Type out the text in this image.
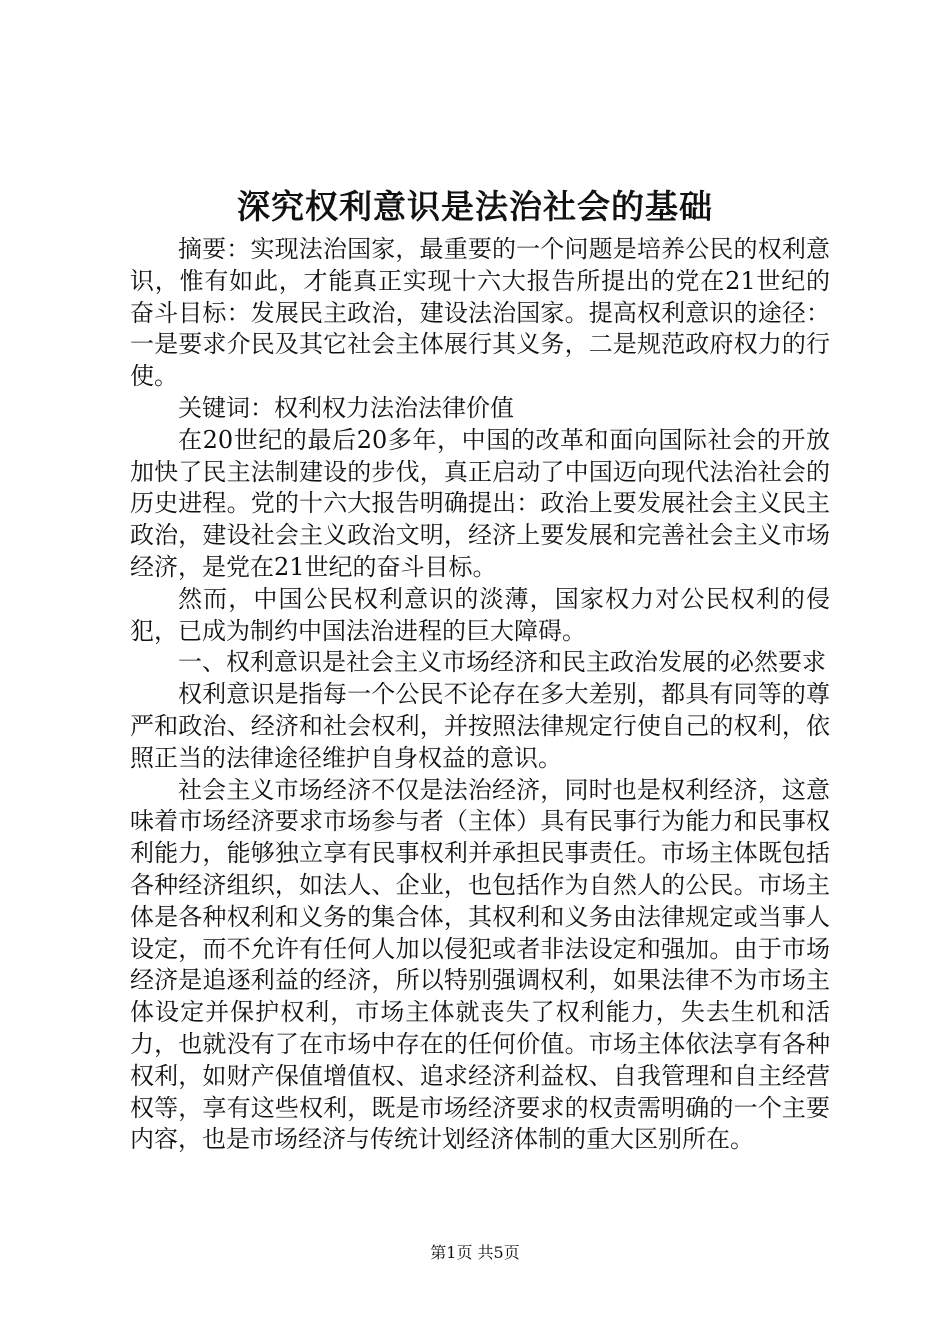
深究权利意识是法治社会的基础

摘要：实现法治国家，最重要的一个问题是培养公民的权利意识，惟有如此，才能真正实现十六大报告所提出的党在21世纪的奋斗目标：发展民主政治，建设法治国家。提高权利意识的途径：一是要求介民及其它社会主体展行其义务，二是规范政府权力的行使。

关键词：权利权力法治法律价值

在20世纪的最后20多年，中国的改革和面向国际社会的开放加快了民主法制建设的步伐，真正启动了中国迈向现代法治社会的历史进程。党的十六大报告明确提出：政治上要发展社会主义民主政治，建设社会主义政治文明，经济上要发展和完善社会主义市场经济，是党在21世纪的奋斗目标。

然而，中国公民权利意识的淡薄，国家权力对公民权利的侵犯，已成为制约中国法治进程的巨大障碍。

一、权利意识是社会主义市场经济和民主政治发展的必然要求

权利意识是指每一个公民不论存在多大差别，都具有同等的尊严和政治、经济和社会权利，并按照法律规定行使自己的权利，依照正当的法律途径维护自身权益的意识。

社会主义市场经济不仅是法治经济，同时也是权利经济，这意味着市场经济要求市场参与者（主体）具有民事行为能力和民事权利能力，能够独立享有民事权利并承担民事责任。市场主体既包括各种经济组织，如法人、企业，也包括作为自然人的公民。市场主体是各种权利和义务的集合体，其权利和义务由法律规定或当事人设定，而不允许有任何人加以侵犯或者非法设定和强加。由于市场经济是追逐利益的经济，所以特别强调权利，如果法律不为市场主体设定并保护权利，市场主体就丧失了权利能力，失去生机和活力，也就没有了在市场中存在的任何价值。市场主体依法享有各种权利，如财产保值增值权、追求经济利益权、自我管理和自主经营权等，享有这些权利，既是市场经济要求的权责需明确的一个主要内容，也是市场经济与传统计划经济体制的重大区别所在。

第1页 共5页
